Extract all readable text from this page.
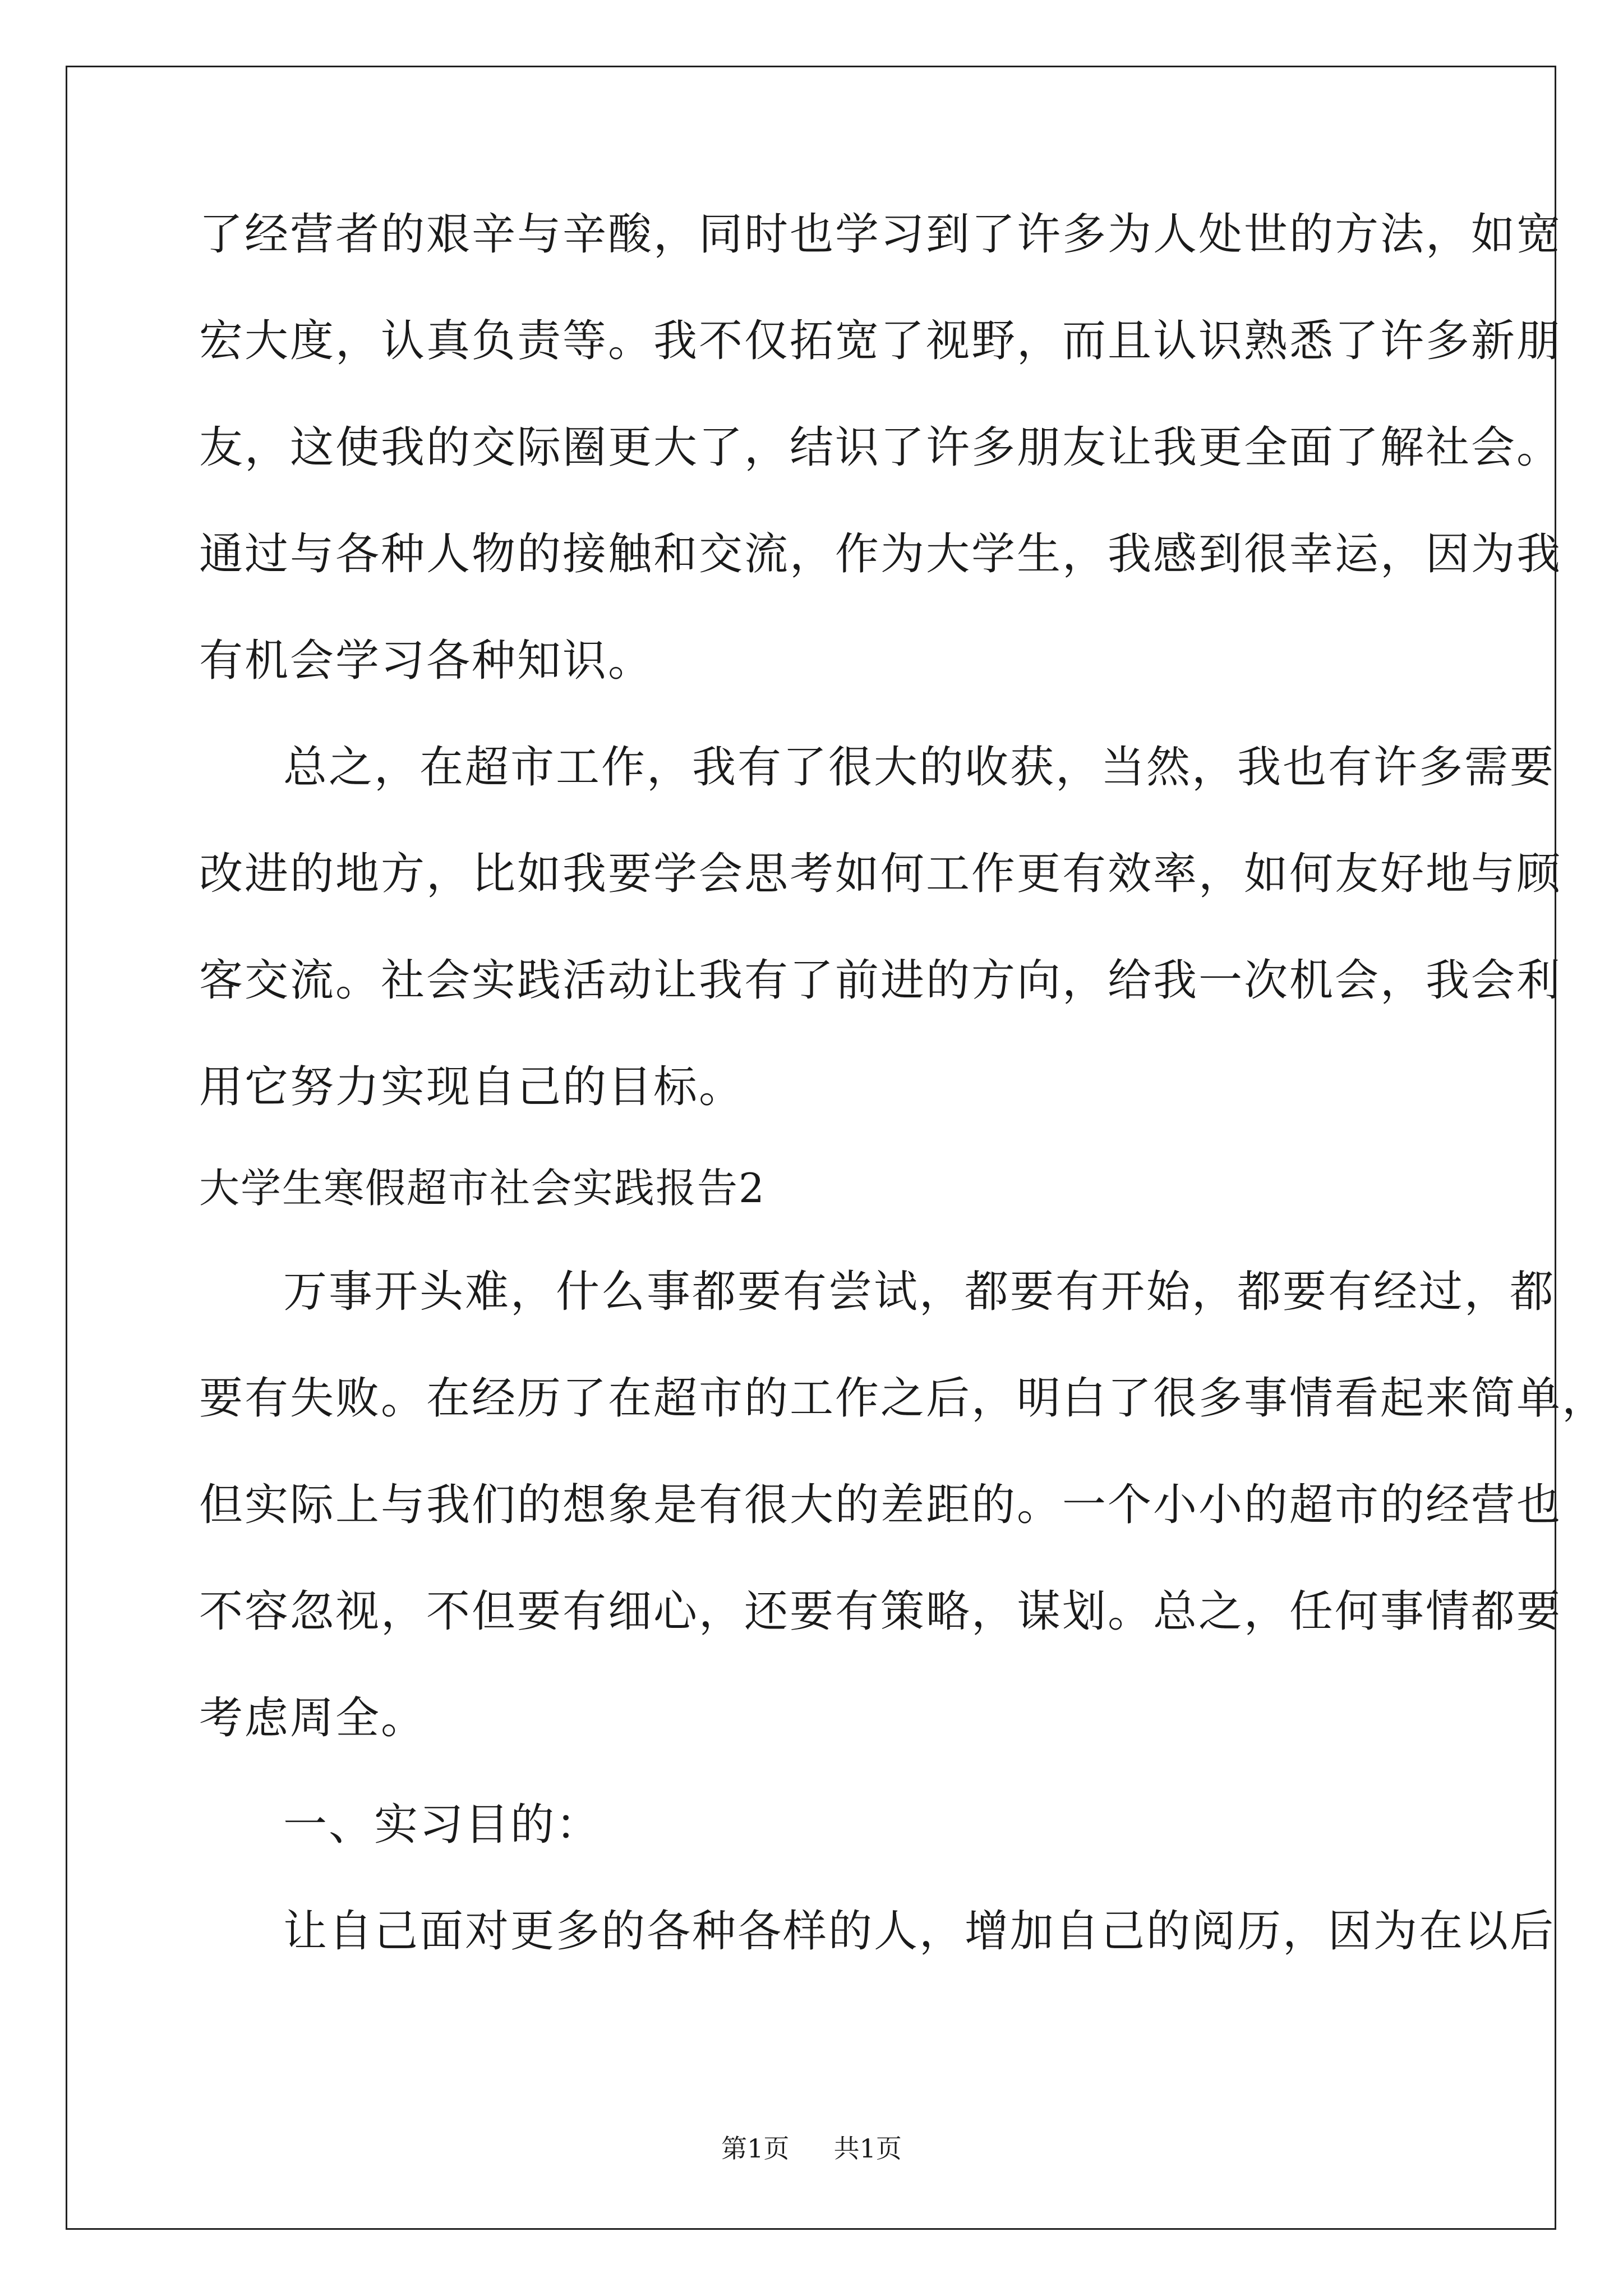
了经营者的艰辛与辛酸，同时也学习到了许多为人处世的方法，如宽
宏大度，认真负责等。我不仅拓宽了视野，而且认识熟悉了许多新朋
友，这使我的交际圈更大了，结识了许多朋友让我更全面了解社会。
通过与各种人物的接触和交流，作为大学生，我感到很幸运，因为我
有机会学习各种知识。
总之，在超市工作，我有了很大的收获，当然，我也有许多需要
改进的地方，比如我要学会思考如何工作更有效率，如何友好地与顾
客交流。社会实践活动让我有了前进的方向，给我一次机会，我会利
用它努力实现自己的目标。
大学生寒假超市社会实践报告2
万事开头难，什么事都要有尝试，都要有开始，都要有经过，都
要有失败。在经历了在超市的工作之后，明白了很多事情看起来简单，
但实际上与我们的想象是有很大的差距的。一个小小的超市的经营也
不容忽视，不但要有细心，还要有策略，谋划。总之，任何事情都要
考虑周全。
一、实习目的：
让自己面对更多的各种各样的人，增加自己的阅历，因为在以后
第1页 共1页
